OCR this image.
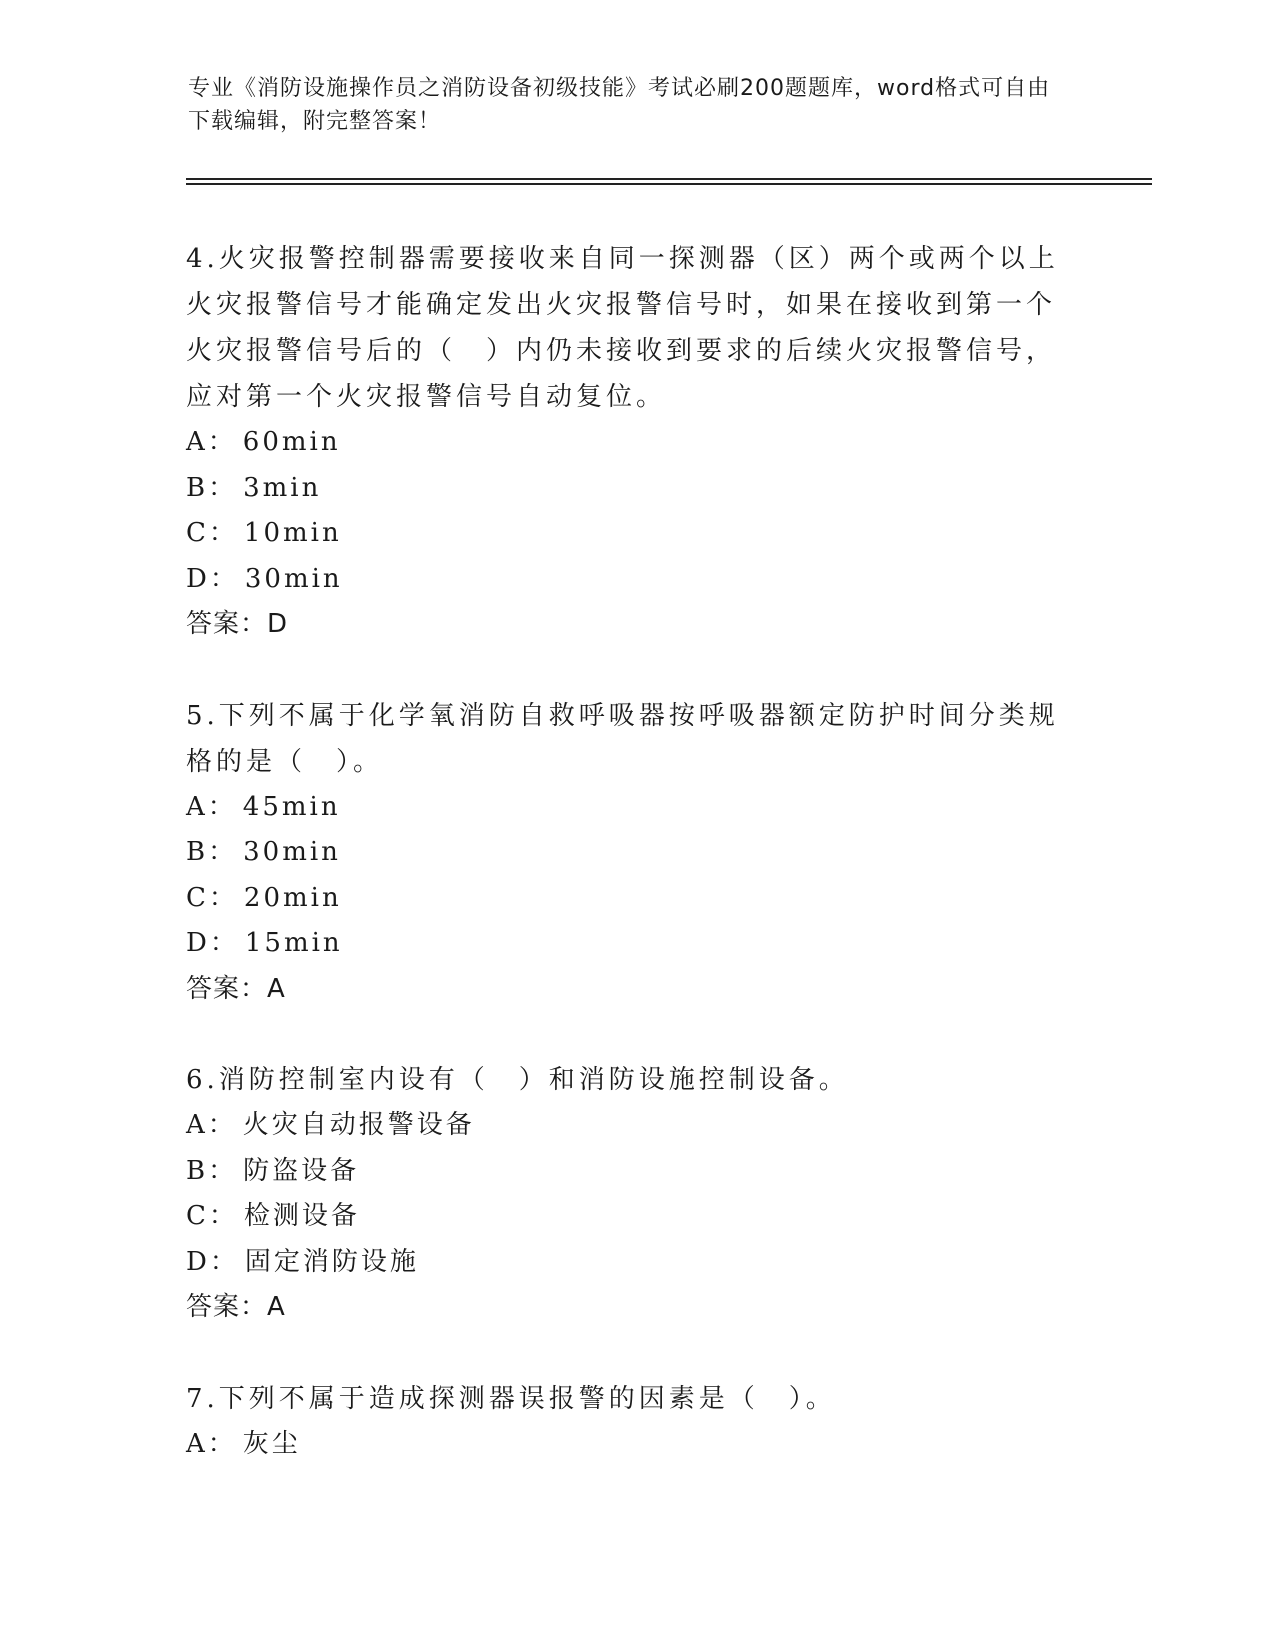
专业《消防设施操作员之消防设备初级技能》考试必刷200题题库，word格式可自由下载编辑，附完整答案！
4.火灾报警控制器需要接收来自同一探测器（区）两个或两个以上火灾报警信号才能确定发出火灾报警信号时，如果在接收到第一个火灾报警信号后的（　）内仍未接收到要求的后续火灾报警信号，应对第一个火灾报警信号自动复位。
A： 60min
B： 3min
C： 10min
D： 30min
答案：D
5.下列不属于化学氧消防自救呼吸器按呼吸器额定防护时间分类规格的是（　）。
A： 45min
B： 30min
C： 20min
D： 15min
答案：A
6.消防控制室内设有（　）和消防设施控制设备。
A： 火灾自动报警设备
B： 防盗设备
C： 检测设备
D： 固定消防设施
答案：A
7.下列不属于造成探测器误报警的因素是（　）。
A： 灰尘
